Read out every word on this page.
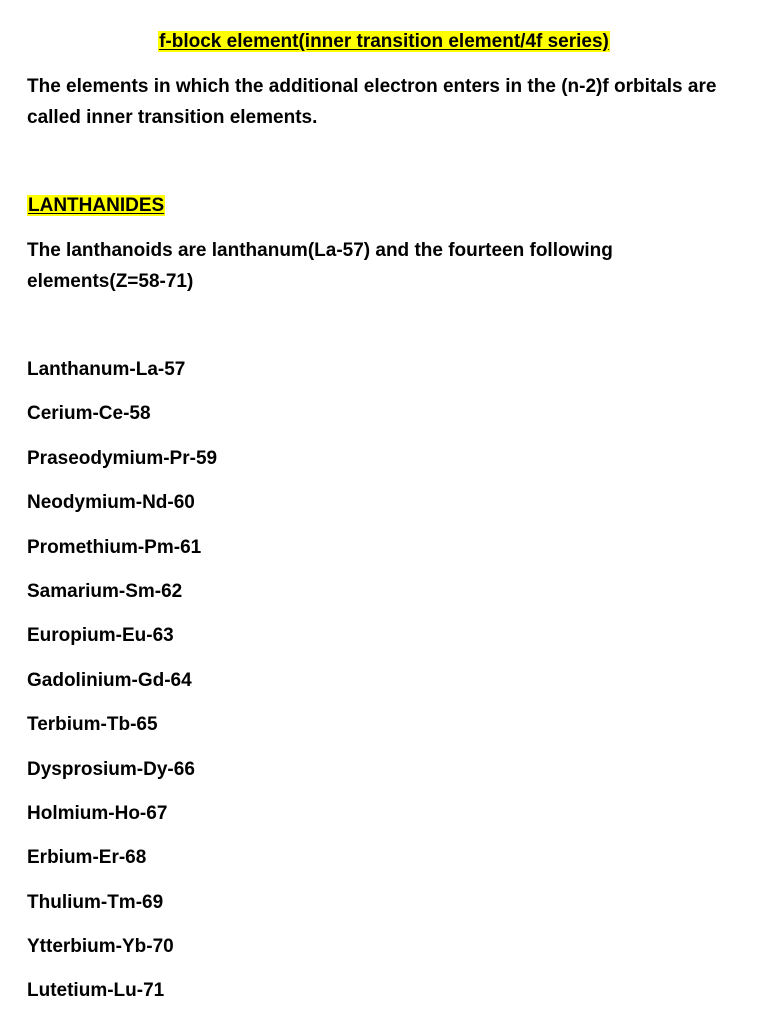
f-block element(inner transition element/4f series)

The elements in which the additional electron enters in the (n-2)f orbitals are called inner transition elements.

LANTHANIDES

The lanthanoids are lanthanum(La-57) and the fourteen following elements(Z=58-71)

Lanthanum-La-57
Cerium-Ce-58
Praseodymium-Pr-59
Neodymium-Nd-60
Promethium-Pm-61
Samarium-Sm-62
Europium-Eu-63
Gadolinium-Gd-64
Terbium-Tb-65
Dysprosium-Dy-66
Holmium-Ho-67
Erbium-Er-68
Thulium-Tm-69
Ytterbium-Yb-70
Lutetium-Lu-71
